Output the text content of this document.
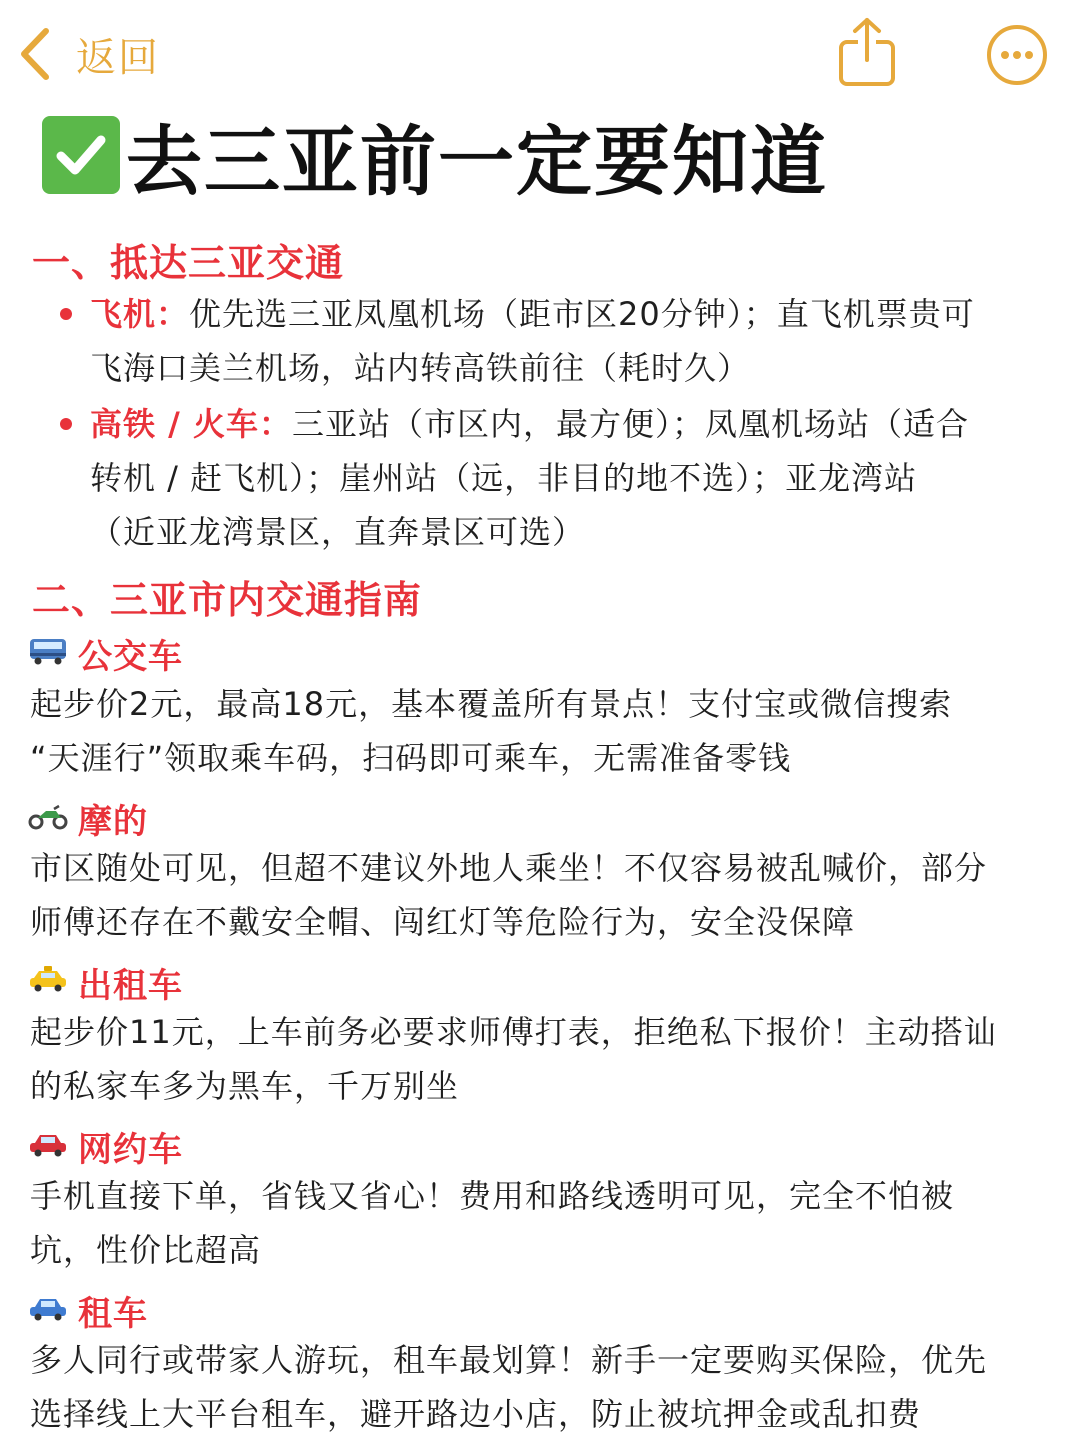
返回
去三亚前一定要知道
一、抵达三亚交通
飞机：优先选三亚凤凰机场（距市区20分钟）；直飞机票贵可
飞海口美兰机场，站内转高铁前往（耗时久）
高铁 / 火车：三亚站（市区内，最方便）；凤凰机场站（适合
转机 / 赶飞机）；崖州站（远，非目的地不选）；亚龙湾站
（近亚龙湾景区，直奔景区可选）
二、三亚市内交通指南
公交车
起步价2元，最高18元，基本覆盖所有景点！支付宝或微信搜索
“天涯行”领取乘车码，扫码即可乘车，无需准备零钱
摩的
市区随处可见，但超不建议外地人乘坐！不仅容易被乱喊价，部分
师傅还存在不戴安全帽、闯红灯等危险行为，安全没保障
出租车
起步价11元，上车前务必要求师傅打表，拒绝私下报价！主动搭讪
的私家车多为黑车，千万别坐
网约车
手机直接下单，省钱又省心！费用和路线透明可见，完全不怕被
坑，性价比超高
租车
多人同行或带家人游玩，租车最划算！新手一定要购买保险，优先
选择线上大平台租车，避开路边小店，防止被坑押金或乱扣费
